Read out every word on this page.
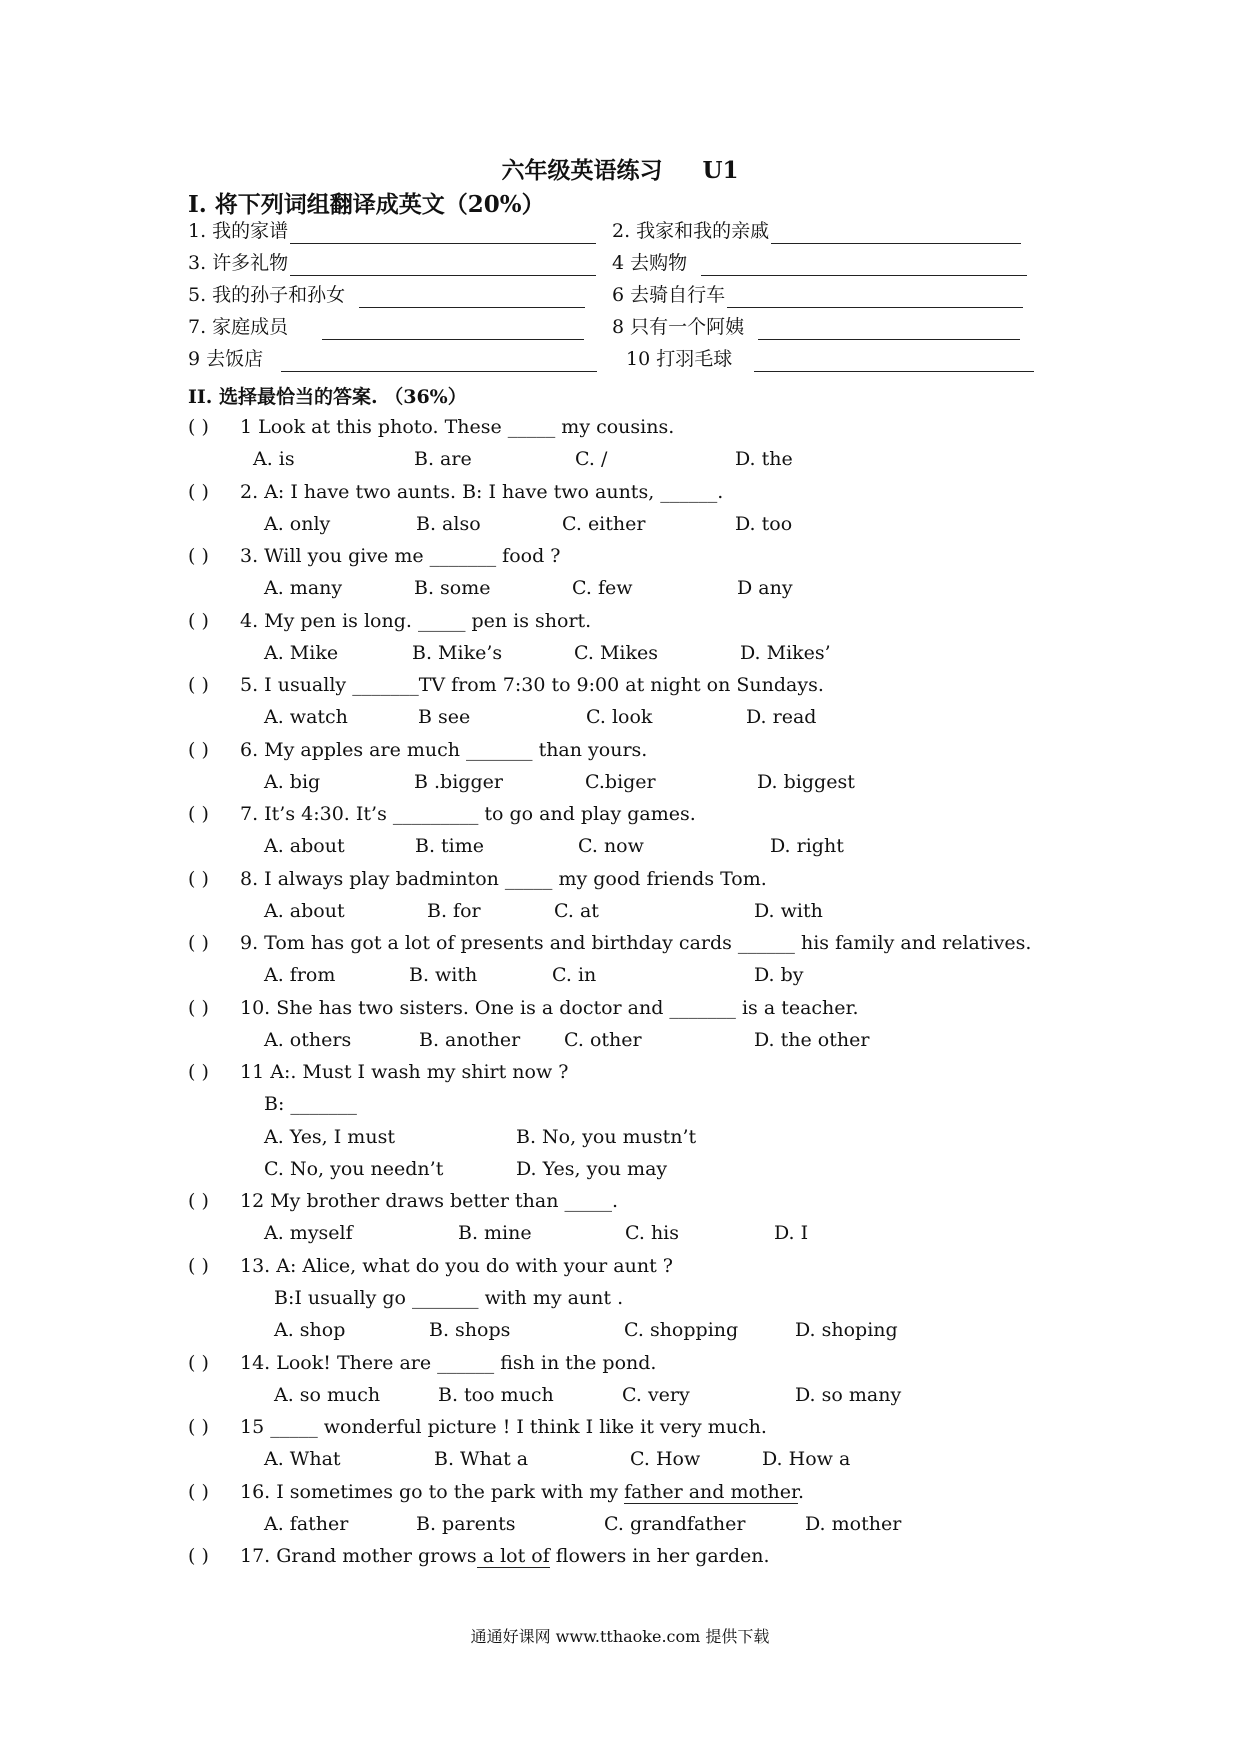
六年级英语练习 U1
I. 将下列词组翻译成英文（20%）
1. 我的家谱	2. 我家和我的亲戚
3. 许多礼物	4 去购物
5. 我的孙子和孙女	6 去骑自行车
7. 家庭成员	8 只有一个阿姨
9 去饭店	10 打羽毛球
II. 选择最恰当的答案. （36%）
( ) 1 Look at this photo. These _____ my cousins.
A. is	B. are	C. /	D. the
( ) 2. A: I have two aunts. B: I have two aunts, ______.
A. only	B. also	C. either	D. too
( ) 3. Will you give me _______ food ?
A. many	B. some	C. few	D any
( ) 4. My pen is long. _____ pen is short.
A. Mike	B. Mike’s	C. Mikes	D. Mikes’
( ) 5. I usually _______TV from 7:30 to 9:00 at night on Sundays.
A. watch	B see	C. look	D. read
( ) 6. My apples are much _______ than yours.
A. big	B .bigger	C.biger	D. biggest
( ) 7. It’s 4:30. It’s _________ to go and play games.
A. about	B. time	C. now	D. right
( ) 8. I always play badminton _____ my good friends Tom.
A. about	B. for	C. at	D. with
( ) 9. Tom has got a lot of presents and birthday cards ______ his family and relatives.
A. from	B. with	C. in	D. by
( ) 10. She has two sisters. One is a doctor and _______ is a teacher.
A. others	B. another C. other	D. the other
( ) 11 A:. Must I wash my shirt now ?
B: _______
A. Yes, I must	B. No, you mustn’t
C. No, you needn’t	D. Yes, you may
( ) 12 My brother draws better than _____.
A. myself	B. mine	C. his	D. I
( ) 13. A: Alice, what do you do with your aunt ?
B:I usually go _______ with my aunt .
A. shop	B. shops	C. shopping	D. shoping
( ) 14. Look! There are ______ fish in the pond.
A. so much	B. too much	C. very	D. so many
( ) 15 _____ wonderful picture ! I think I like it very much.
A. What	B. What a	C. How	D. How a
( ) 16. I sometimes go to the park with my father and mother.
A. father	B. parents	C. grandfather	D. mother
( ) 17. Grand mother grows a lot of flowers in her garden.
通通好课网 www.tthaoke.com 提供下载
